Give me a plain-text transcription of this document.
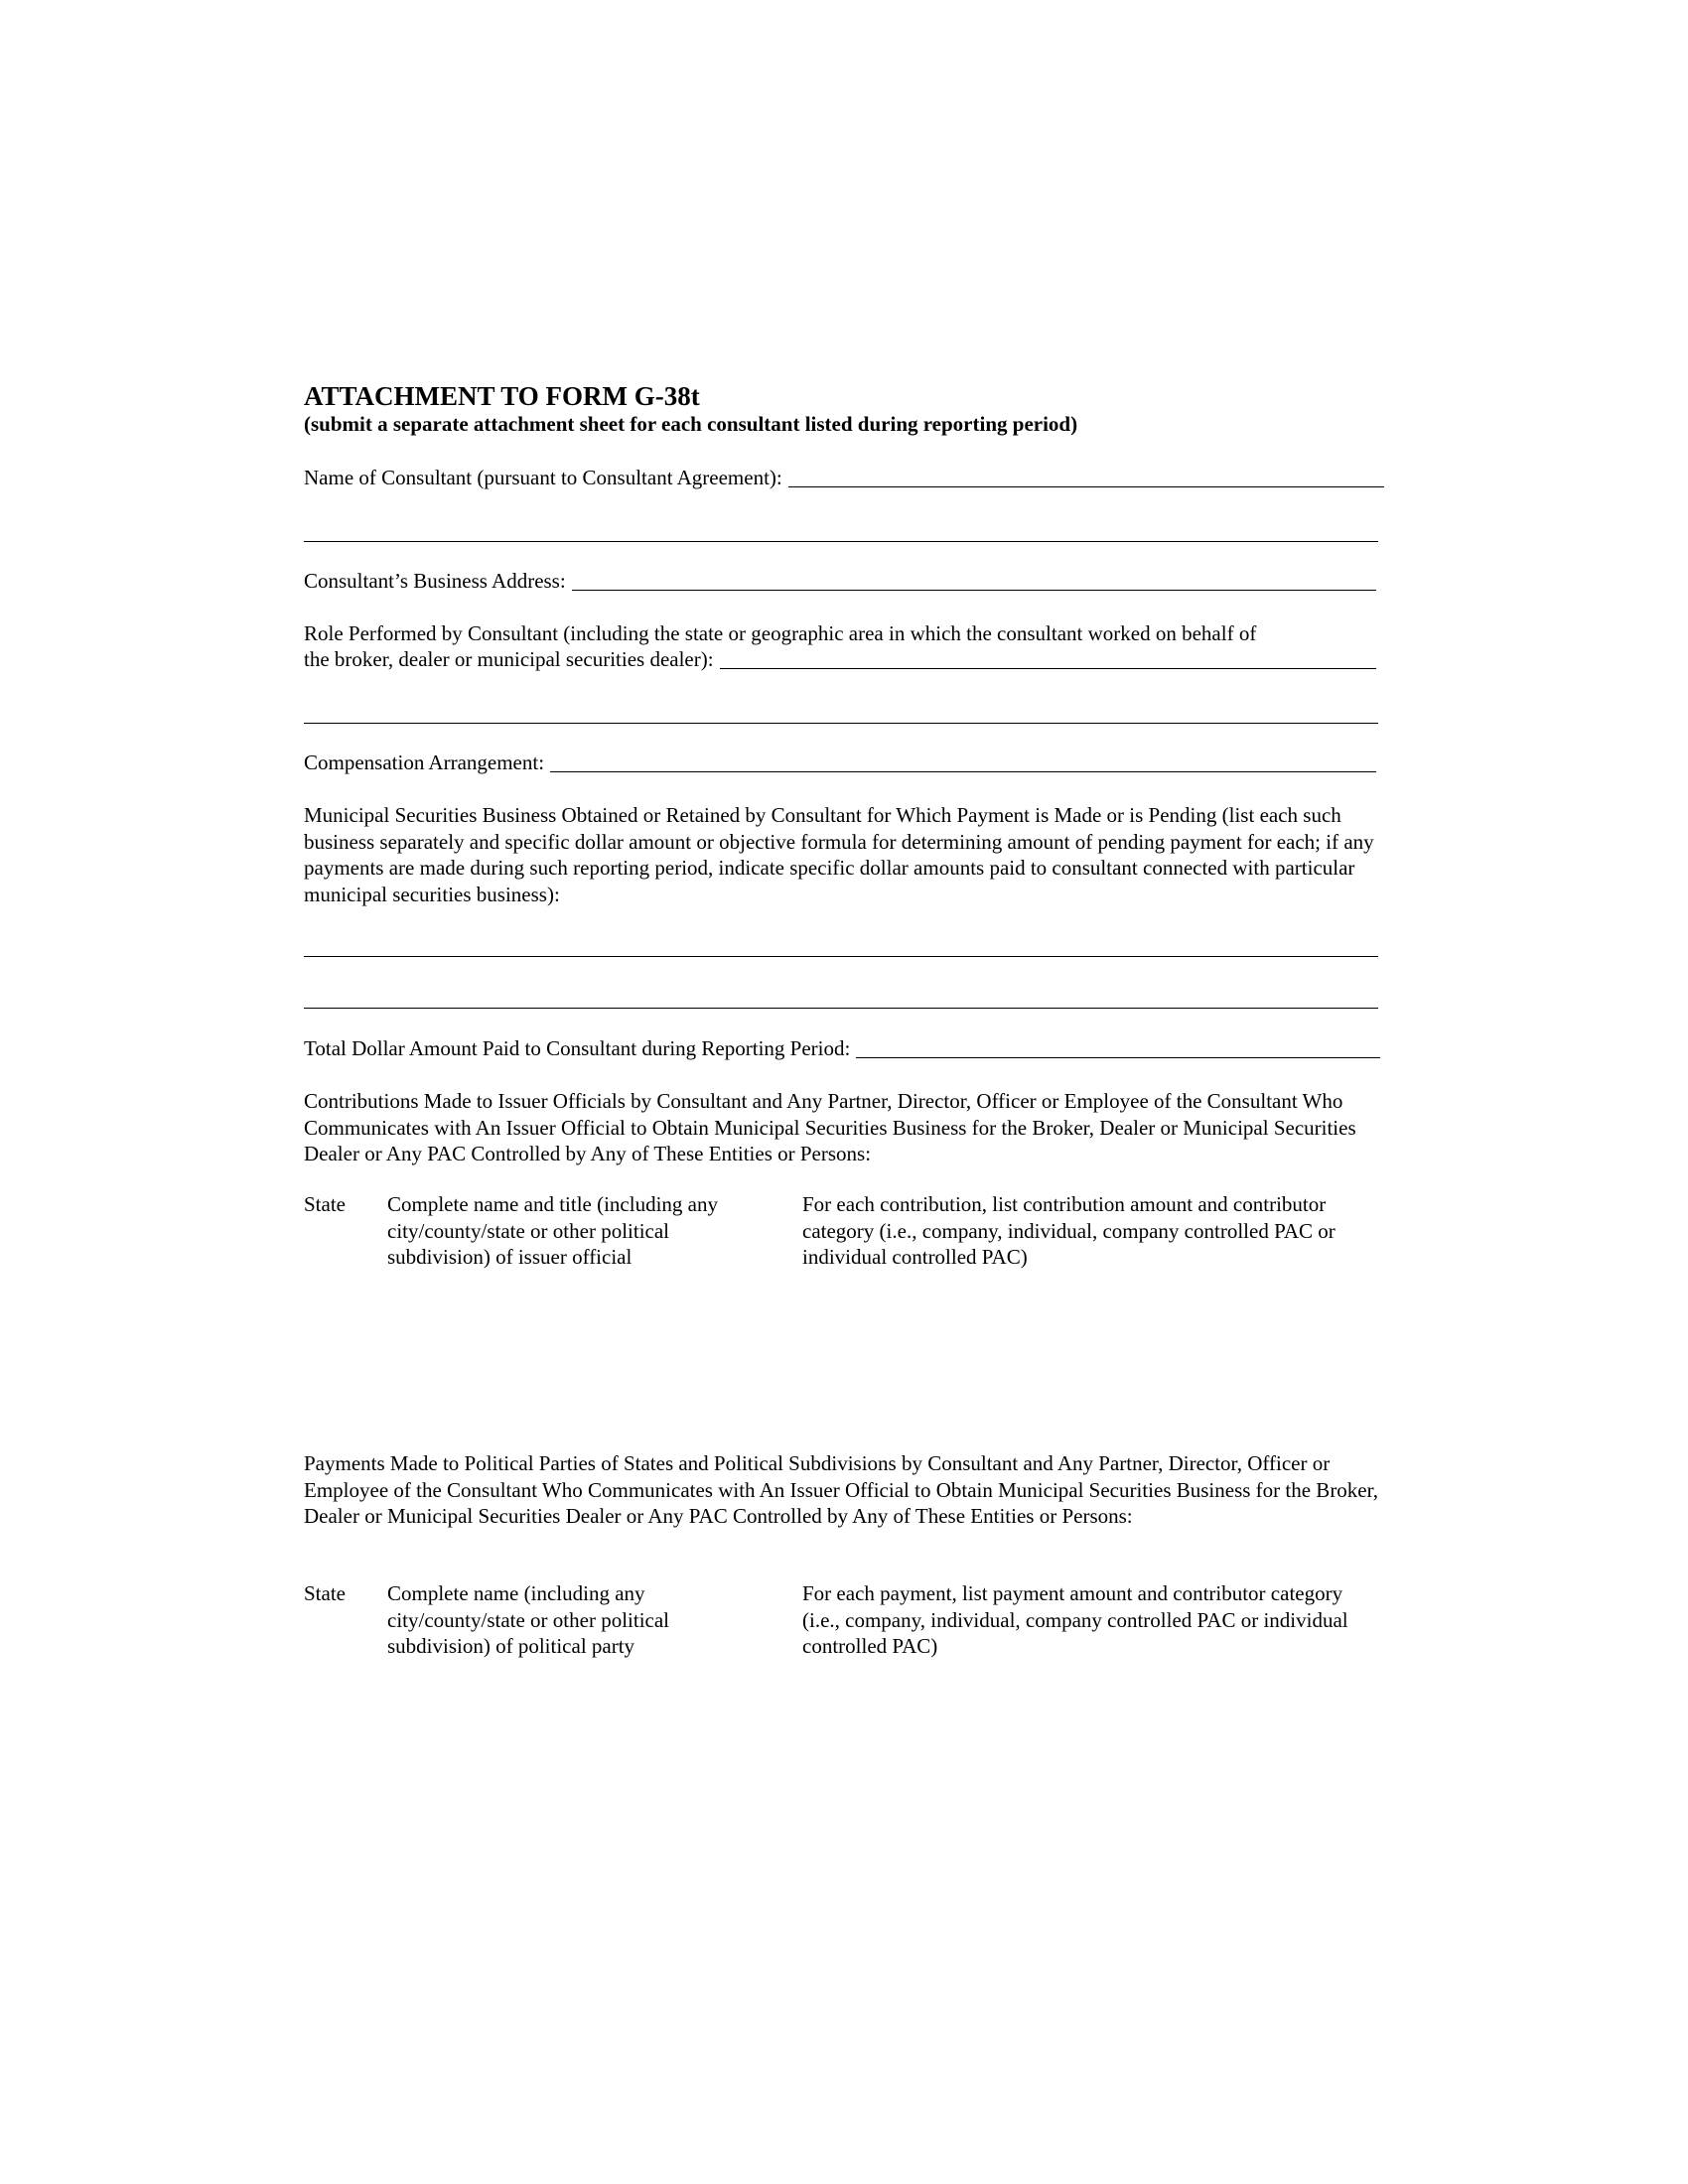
ATTACHMENT TO FORM G-38t
(submit a separate attachment sheet for each consultant listed during reporting period)
Name of Consultant (pursuant to Consultant Agreement):
Consultant’s Business Address:
Role Performed by Consultant (including the state or geographic area in which the consultant worked on behalf of
the broker, dealer or municipal securities dealer):
Compensation Arrangement:
Municipal Securities Business Obtained or Retained by Consultant for Which Payment is Made or is Pending (list each such business separately and specific dollar amount or objective formula for determining amount of pending payment for each; if any payments are made during such reporting period, indicate specific dollar amounts paid to consultant connected with particular municipal securities business):
Total Dollar Amount Paid to Consultant during Reporting Period:
Contributions Made to Issuer Officials by Consultant and Any Partner, Director, Officer or Employee of the Consultant Who Communicates with An Issuer Official to Obtain Municipal Securities Business for the Broker, Dealer or Municipal Securities Dealer or Any PAC Controlled by Any of These Entities or Persons:
State Complete name and title (including any city/county/state or other political subdivision) of issuer official
For each contribution, list contribution amount and contributor category (i.e., company, individual, company controlled PAC or individual controlled PAC)
Payments Made to Political Parties of States and Political Subdivisions by Consultant and Any Partner, Director, Officer or Employee of the Consultant Who Communicates with An Issuer Official to Obtain Municipal Securities Business for the Broker, Dealer or Municipal Securities Dealer or Any PAC Controlled by Any of These Entities or Persons:
State Complete name (including any city/county/state or other political subdivision) of political party
For each payment, list payment amount and contributor category (i.e., company, individual, company controlled PAC or individual controlled PAC)
